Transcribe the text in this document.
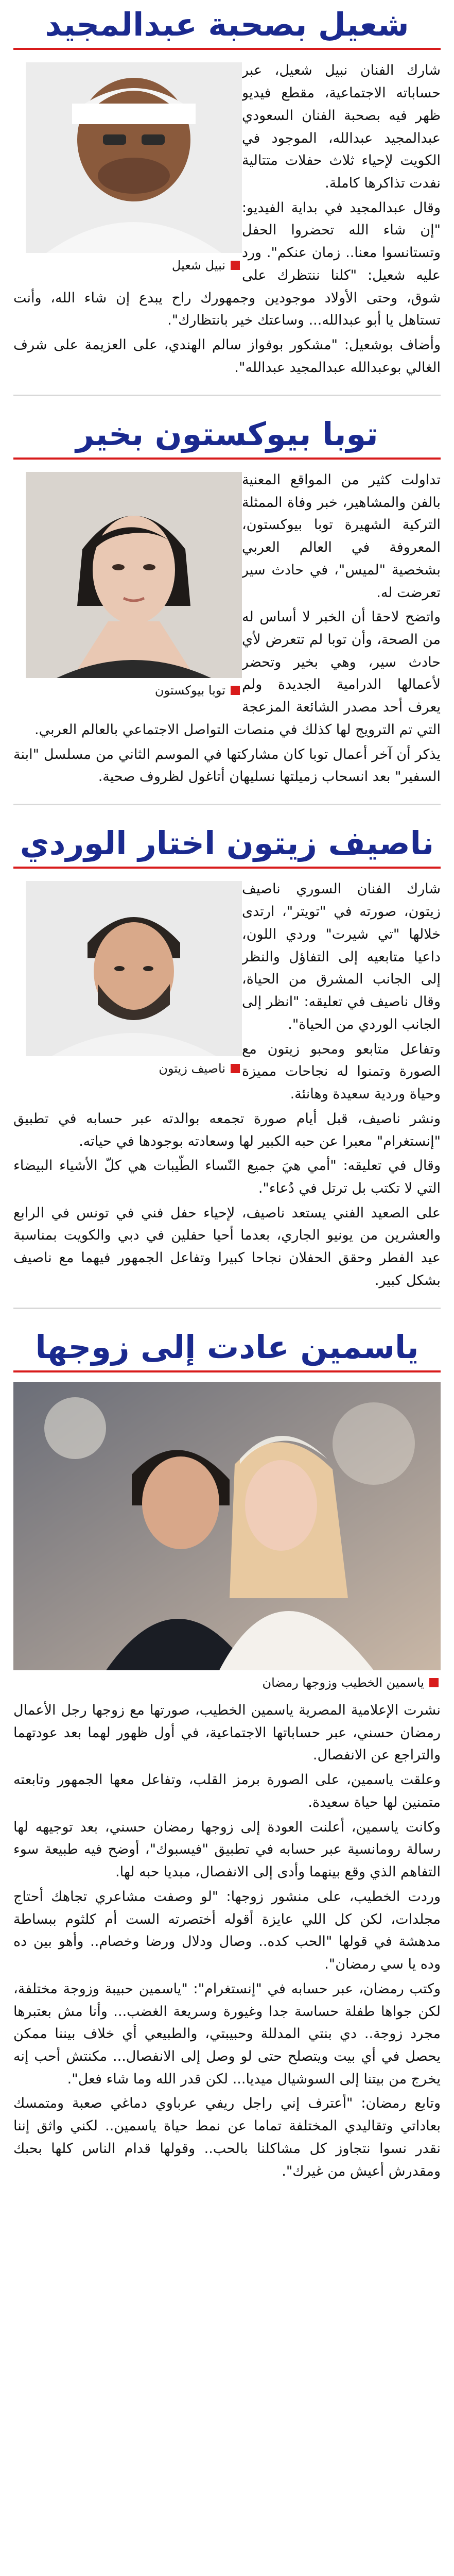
شعيل بصحبة عبدالمجيد
نبيل شعيل

شارك الفنان نبيل شعيل، عبر حساباته الاجتماعية، مقطع فيديو ظهر فيه بصحبة الفنان السعودي عبدالمجيد عبدالله، الموجود في الكويت لإحياء ثلاث حفلات متتالية نفدت تذاكرها كاملة.

وقال عبدالمجيد في بداية الفيديو: "إن شاء الله تحضروا الحفل وتستانسوا معنا.. زمان عنكم". ورد عليه شعيل: "كلنا ننتظرك على شوق، وحتى الأولاد موجودين وجمهورك راح يبدع إن شاء الله، وأنت تستاهل يا أبو عبدالله... وساعتك خير بانتظارك".

وأضاف بوشعيل: "مشكور بوفواز سالم الهندي، على العزيمة على شرف الغالي بوعبدالله عبدالمجيد عبدالله".

توبا بيوكستون بخير
توبا بيوكستون

تداولت كثير من المواقع المعنية بالفن والمشاهير، خبر وفاة الممثلة التركية الشهيرة توبا بيوكستون، المعروفة في العالم العربي بشخصية "لميس"، في حادث سير تعرضت له.

واتضح لاحقا أن الخبر لا أساس له من الصحة، وأن توبا لم تتعرض لأي حادث سير، وهي بخير وتحضر لأعمالها الدرامية الجديدة ولم يعرف أحد مصدر الشائعة المزعجة التي تم الترويج لها كذلك في منصات التواصل الاجتماعي بالعالم العربي.

يذكر أن آخر أعمال توبا كان مشاركتها في الموسم الثاني من مسلسل "ابنة السفير" بعد انسحاب زميلتها نسليهان أتاغول لظروف صحية.

ناصيف زيتون اختار الوردي
ناصيف زيتون

شارك الفنان السوري ناصيف زيتون، صورته في "تويتر"، ارتدى خلالها "تي شيرت" وردي اللون، داعيا متابعيه إلى التفاؤل والنظر إلى الجانب المشرق من الحياة، وقال ناصيف في تعليقه: "انظر إلى الجانب الوردي من الحياة".

وتفاعل متابعو ومحبو زيتون مع الصورة وتمنوا له نجاحات مميزة وحياة وردية سعيدة وهانئة.

ونشر ناصيف، قبل أيام صورة تجمعه بوالدته عبر حسابه في تطبيق "إنستغرام" معبرا عن حبه الكبير لها وسعادته بوجودها في حياته.

وقال في تعليقه: "أمي هيَ جميع النّساء الطّيبات هي كلّ الأشياء البيضاء التي لا تكتب بل ترتل في دُعاء".

على الصعيد الفني يستعد ناصيف، لإحياء حفل فني في تونس في الرابع والعشرين من يونيو الجاري، بعدما أحيا حفلين في دبي والكويت بمناسبة عيد الفطر وحقق الحفلان نجاحا كبيرا وتفاعل الجمهور فيهما مع ناصيف بشكل كبير.

ياسمين عادت إلى زوجها
ياسمين الخطيب وزوجها رمضان

نشرت الإعلامية المصرية ياسمين الخطيب، صورتها مع زوجها رجل الأعمال رمضان حسني، عبر حساباتها الاجتماعية، في أول ظهور لهما بعد عودتهما والتراجع عن الانفصال.

وعلقت ياسمين، على الصورة برمز القلب، وتفاعل معها الجمهور وتابعته متمنين لها حياة سعيدة.

وكانت ياسمين، أعلنت العودة إلى زوجها رمضان حسني، بعد توجيهه لها رسالة رومانسية عبر حسابه في تطبيق "فيسبوك"، أوضح فيه طبيعة سوء التفاهم الذي وقع بينهما وأدى إلى الانفصال، مبديا حبه لها.

وردت الخطيب، على منشور زوجها: "لو وصفت مشاعري تجاهك أحتاج مجلدات، لكن كل اللي عايزة أقوله أختصرته الست أم كلثوم ببساطة مدهشة في قولها "الحب كده.. وصال ودلال ورضا وخصام.. وأهو بين ده وده يا سي رمضان".

وكتب رمضان، عبر حسابه في "إنستغرام": "ياسمين حبيبة وزوجة مختلفة، لكن جواها طفلة حساسة جدا وغيورة وسريعة الغضب... وأنا مش بعتبرها مجرد زوجة.. دي بنتي المدللة وحبيبتي، والطبيعي أي خلاف بيننا ممكن يحصل في أي بيت ويتصلح حتى لو وصل إلى الانفصال... مكنتش أحب إنه يخرج من بيتنا إلى السوشيال ميديا... لكن قدر الله وما شاء فعل".

وتابع رمضان: "أعترف إني راجل ريفي عرباوي دماغي صعبة ومتمسك بعاداتي وتقاليدي المختلفة تماما عن نمط حياة ياسمين.. لكني واثق إننا نقدر نسوا نتجاوز كل مشاكلنا بالحب.. وقولها قدام الناس كلها بحبك ومقدرش أعيش من غيرك".
